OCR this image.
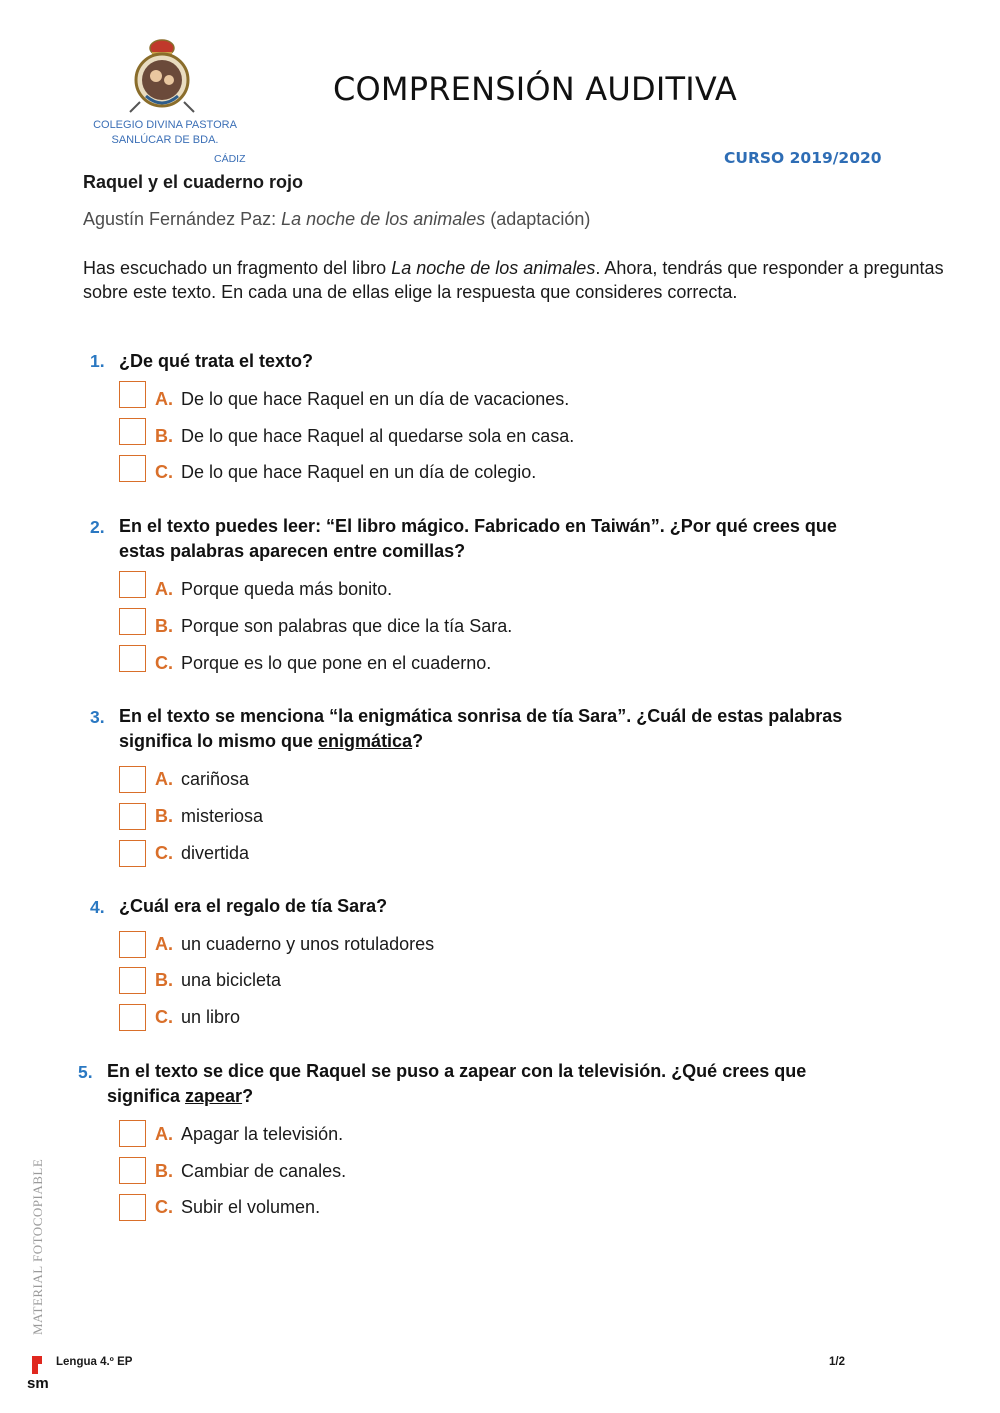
COLEGIO DIVINA PASTORA
SANLÚCAR DE BDA.
CÁDIZ
COMPRENSIÓN AUDITIVA
CURSO 2019/2020
Raquel y el cuaderno rojo
Agustín Fernández Paz: La noche de los animales (adaptación)
Has escuchado un fragmento del libro La noche de los animales. Ahora, tendrás que responder a preguntas sobre este texto. En cada una de ellas elige la respuesta que consideres correcta.
1. ¿De qué trata el texto?
A. De lo que hace Raquel en un día de vacaciones.
B. De lo que hace Raquel al quedarse sola en casa.
C. De lo que hace Raquel en un día de colegio.
2. En el texto puedes leer: “El libro mágico. Fabricado en Taiwán”. ¿Por qué crees que
estas palabras aparecen entre comillas?
A. Porque queda más bonito.
B. Porque son palabras que dice la tía Sara.
C. Porque es lo que pone en el cuaderno.
3. En el texto se menciona “la enigmática sonrisa de tía Sara”. ¿Cuál de estas palabras
significa lo mismo que enigmática?
A. cariñosa
B. misteriosa
C. divertida
4. ¿Cuál era el regalo de tía Sara?
A. un cuaderno y unos rotuladores
B. una bicicleta
C. un libro
5. En el texto se dice que Raquel se puso a zapear con la televisión. ¿Qué crees que
significa zapear?
A. Apagar la televisión.
B. Cambiar de canales.
C. Subir el volumen.
MATERIAL FOTOCOPIABLE
sm
Lengua 4.º EP	1/2
